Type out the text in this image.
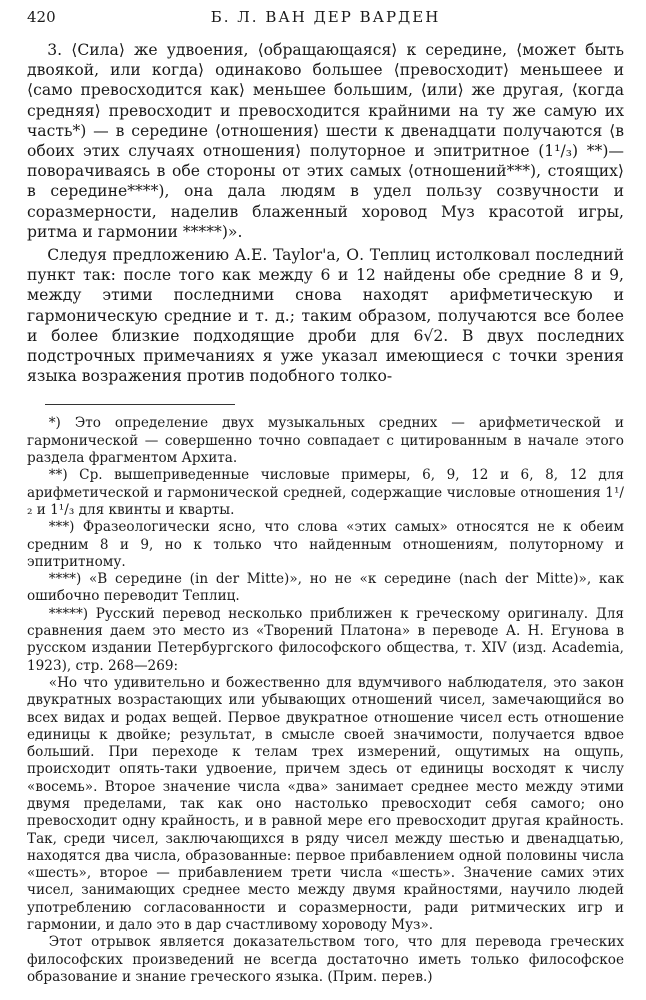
420	Б. Л. ВАН ДЕР ВАРДЕН

3. ⟨Сила⟩ же удвоения, ⟨обращающаяся⟩ к середине, ⟨может быть двоякой, или когда⟩ одинаково большее ⟨превосходит⟩ меньшеее и ⟨само превосходится как⟩ меньшее большим, ⟨или⟩ же другая, ⟨когда средняя⟩ превосходит и превосходится крайними на ту же самую их часть*) — в середине ⟨отношения⟩ шести к двенадцати получаются ⟨в обоих этих случаях отношения⟩ полуторное и эпитритное (1¹/₃) **)— поворачиваясь в обе стороны от этих самых ⟨отношений***), стоящих⟩ в середине****), она дала людям в удел пользу созвучности и соразмерности, наделив блаженный хоровод Муз красотой игры, ритма и гармонии *****)».

Следуя предложению A.E. Taylor'а, О. Теплиц истолковал последний пункт так: после того как между 6 и 12 найдены обе средние 8 и 9, между этими последними снова находят арифметическую и гармоническую средние и т. д.; таким образом, получаются все более и более близкие подходящие дроби для 6√2. В двух последних подстрочных примечаниях я уже указал имеющиеся с точки зрения языка возражения против подобного толко-

*) Это определение двух музыкальных средних — арифметической и гармонической — совершенно точно совпадает с цитированным в начале этого раздела фрагментом Архита.

**) Ср. вышеприведенные числовые примеры, 6, 9, 12 и 6, 8, 12 для арифметической и гармонической средней, содержащие числовые отношения 1¹/₂ и 1¹/₃ для квинты и кварты.

***) Фразеологически ясно, что слова «этих самых» относятся не к обеим средним 8 и 9, но к только что найденным отношениям, полуторному и эпитритному.

****) «В середине (in der Mitte)», но не «к середине (nach der Mitte)», как ошибочно переводит Теплиц.

*****) Русский перевод несколько приближен к греческому оригиналу. Для сравнения даем это место из «Творений Платона» в переводе А. Н. Егунова в русском издании Петербургского философского общества, т. XIV (изд. Academia, 1923), стр. 268—269:

«Но что удивительно и божественно для вдумчивого наблюдателя, это закон двукратных возрастающих или убывающих отношений чисел, замечающийся во всех видах и родах вещей. Первое двукратное отношение чисел есть отношение единицы к двойке; результат, в смысле своей значимости, получается вдвое больший. При переходе к телам трех измерений, ощутимых на ощупь, происходит опять-таки удвоение, причем здесь от единицы восходят к числу «восемь». Второе значение числа «два» занимает среднее место между этими двумя пределами, так как оно настолько превосходит себя самого; оно превосходит одну крайность, и в равной мере его превосходит другая крайность. Так, среди чисел, заключающихся в ряду чисел между шестью и двенадцатью, находятся два числа, образованные: первое прибавлением одной половины числа «шесть», второе — прибавлением трети числа «шесть». Значение самих этих чисел, занимающих среднее место между двумя крайностями, научило людей употреблению согласованности и соразмерности, ради ритмических игр и гармонии, и дало это в дар счастливому хороводу Муз».

Этот отрывок является доказательством того, что для перевода греческих философских произведений не всегда достаточно иметь только философское образование и знание греческого языка. (Прим. перев.)
